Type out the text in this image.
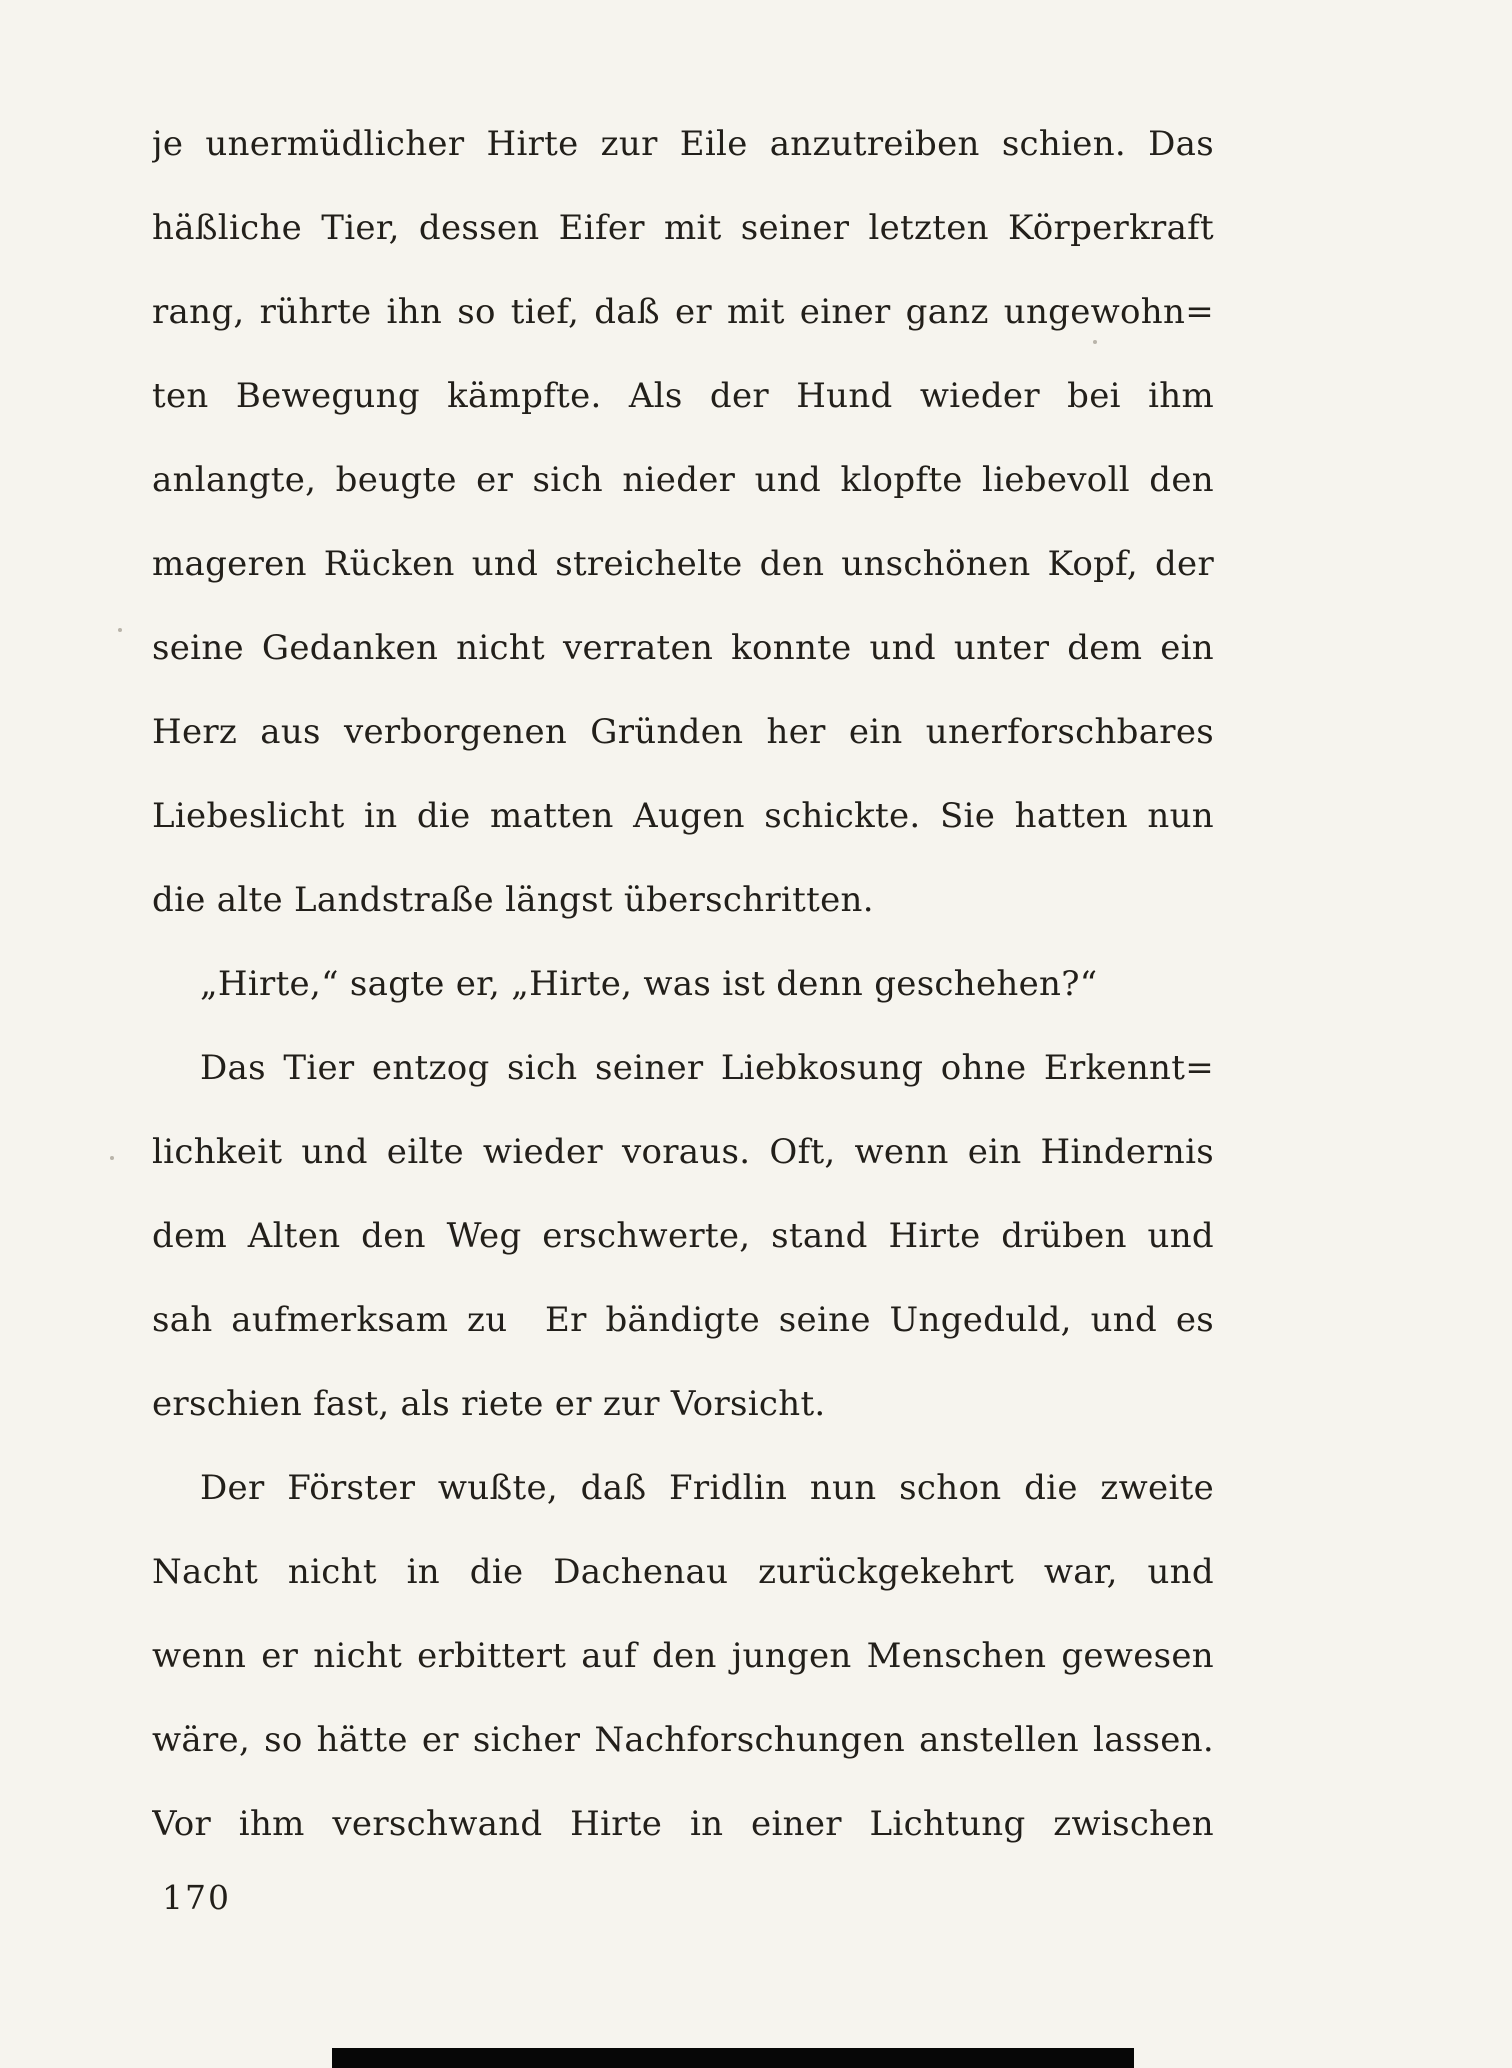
je unermüdlicher Hirte zur Eile anzutreiben schien. Das
häßliche Tier, dessen Eifer mit seiner letzten Körperkraft
rang, rührte ihn so tief, daß er mit einer ganz ungewohn=
ten Bewegung kämpfte. Als der Hund wieder bei ihm
anlangte, beugte er sich nieder und klopfte liebevoll den
mageren Rücken und streichelte den unschönen Kopf, der
seine Gedanken nicht verraten konnte und unter dem ein
Herz aus verborgenen Gründen her ein unerforschbares
Liebeslicht in die matten Augen schickte. Sie hatten nun
die alte Landstraße längst überschritten.
„Hirte,“ sagte er, „Hirte, was ist denn geschehen?“
Das Tier entzog sich seiner Liebkosung ohne Erkennt=
lichkeit und eilte wieder voraus. Oft, wenn ein Hindernis
dem Alten den Weg erschwerte, stand Hirte drüben und
sah aufmerksam zu  Er bändigte seine Ungeduld, und es
erschien fast, als riete er zur Vorsicht.
Der Förster wußte, daß Fridlin nun schon die zweite
Nacht nicht in die Dachenau zurückgekehrt war, und
wenn er nicht erbittert auf den jungen Menschen gewesen
wäre, so hätte er sicher Nachforschungen anstellen lassen.
Vor ihm verschwand Hirte in einer Lichtung zwischen
170
